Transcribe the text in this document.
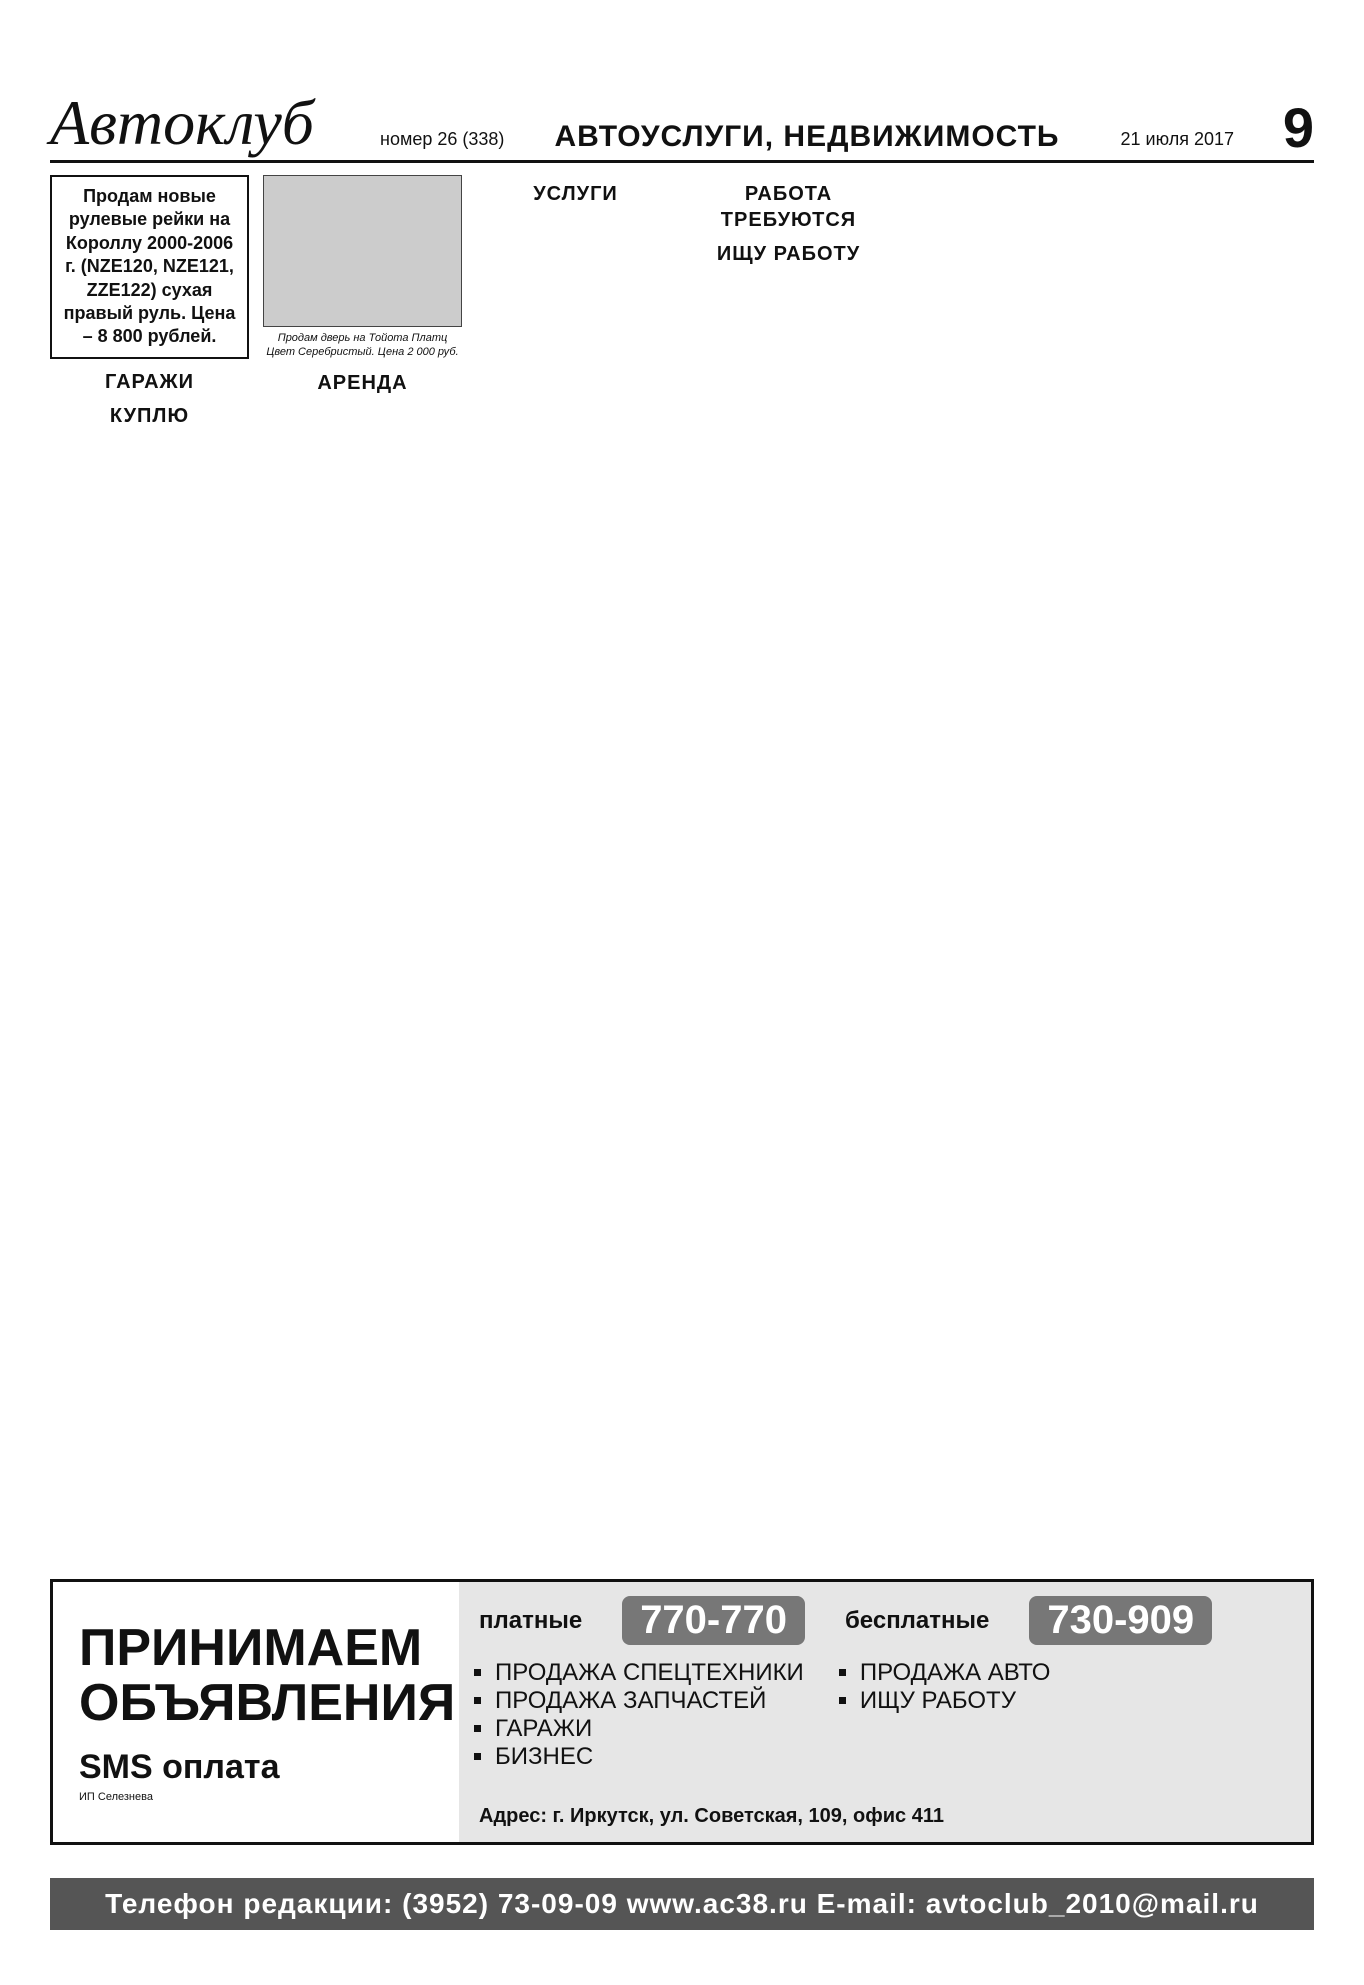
Автоклуб	номер 26 (338)	АВТОУСЛУГИ, НЕДВИЖИМОСТЬ	21 июля 2017 9
Продам новые рулевые рейки на Короллу 2000-2006 г. (NZE120, NZE121, ZZE122) сухая правый руль. Цена – 8 800 рублей.
ГАРАЖИ
КУПЛЮ
Продам дверь на Тойота Платц Цвет Серебристый. Цена 2 000 руб.
АРЕНДА
УСЛУГИ	РАБОТА ТРЕБУЮТСЯ
ИЩУ РАБОТУ
ПРИНИМАЕМ ОБЪЯВЛЕНИЯ
SMS оплата
ИП Селезнева
платные	770-770	бесплатные	730-909
▪ ПРОДАЖА СПЕЦТЕХНИКИ
▪ ПРОДАЖА ЗАПЧАСТЕЙ
▪ ГАРАЖИ
▪ БИЗНЕС
▪ ПРОДАЖА АВТО
▪ ИЩУ РАБОТУ
Адрес: г. Иркутск, ул. Советская, 109, офис 411
Телефон редакции: (3952) 73-09-09 www.ac38.ru E-mail: avtoclub_2010@mail.ru
